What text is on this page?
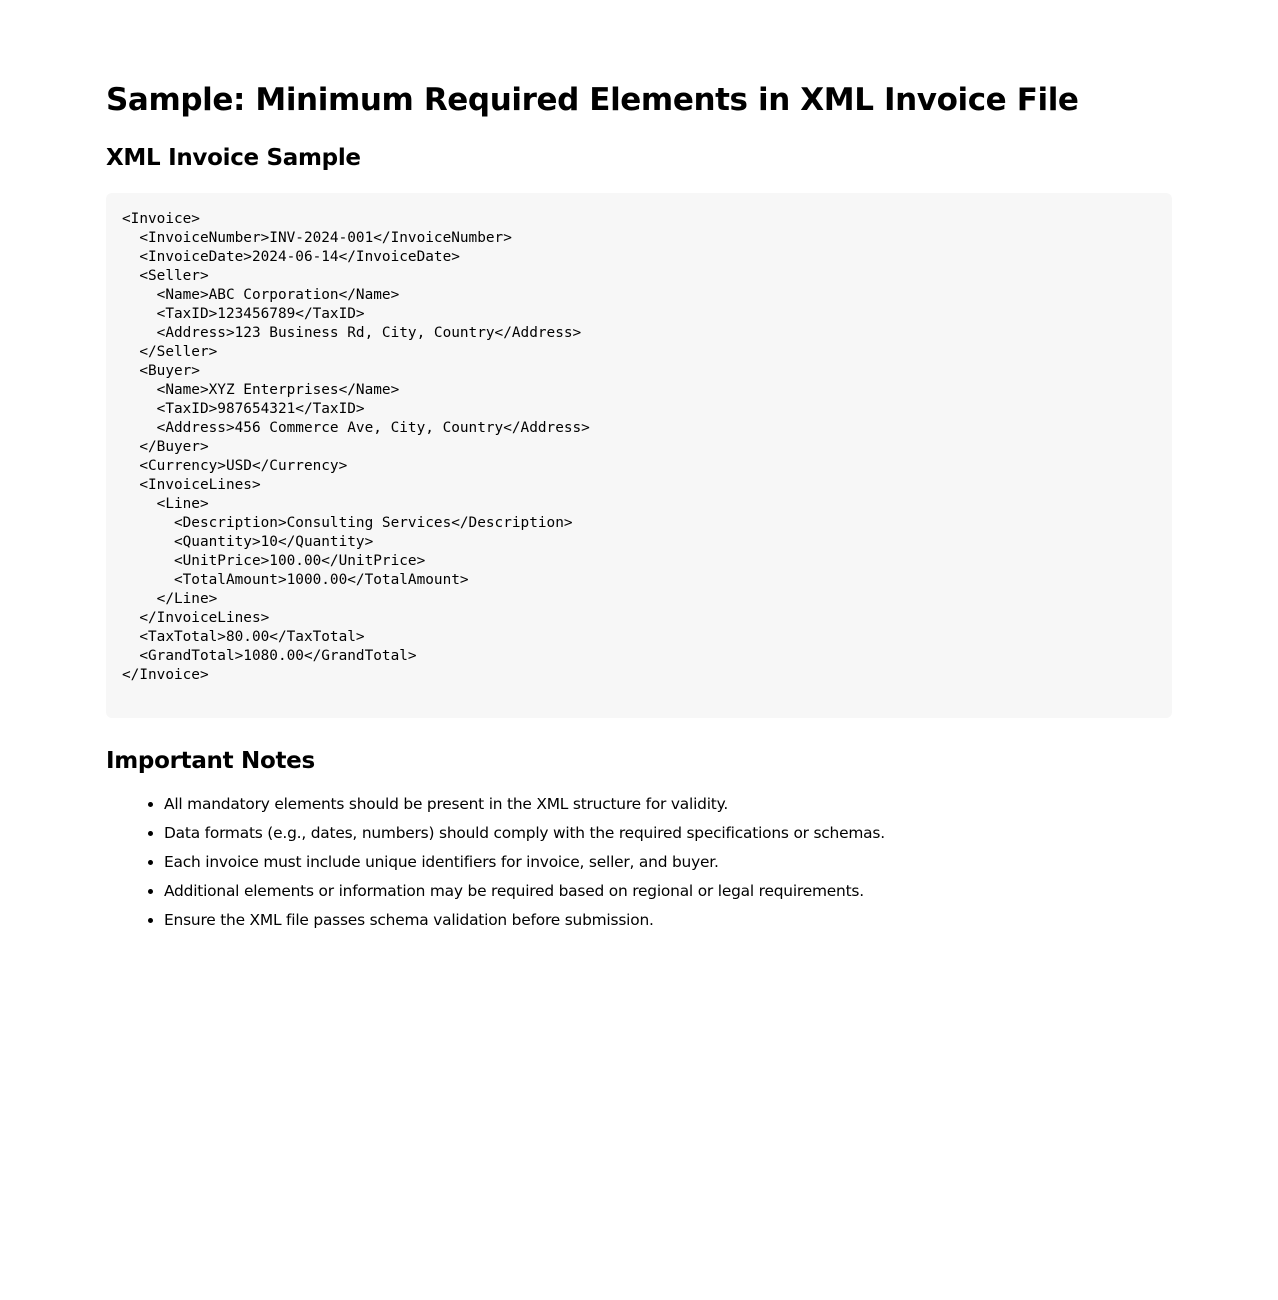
Sample: Minimum Required Elements in XML Invoice File
XML Invoice Sample
<Invoice>
<InvoiceNumber>INV-2024-001</InvoiceNumber>
<InvoiceDate>2024-06-14</InvoiceDate>
<Seller>
<Name>ABC Corporation</Name>
<TaxID>123456789</TaxID>
<Address>123 Business Rd, City, Country</Address>
</Seller>
<Buyer>
<Name>XYZ Enterprises</Name>
<TaxID>987654321</TaxID>
<Address>456 Commerce Ave, City, Country</Address>
</Buyer>
<Currency>USD</Currency>
<InvoiceLines>
<Line>
<Description>Consulting Services</Description>
<Quantity>10</Quantity>
<UnitPrice>100.00</UnitPrice>
<TotalAmount>1000.00</TotalAmount>
</Line>
</InvoiceLines>
<TaxTotal>80.00</TaxTotal>
<GrandTotal>1080.00</GrandTotal>
</Invoice>
Important Notes
• All mandatory elements should be present in the XML structure for validity.
• Data formats (e.g., dates, numbers) should comply with the required specifications or schemas.
• Each invoice must include unique identifiers for invoice, seller, and buyer.
• Additional elements or information may be required based on regional or legal requirements.
• Ensure the XML file passes schema validation before submission.
